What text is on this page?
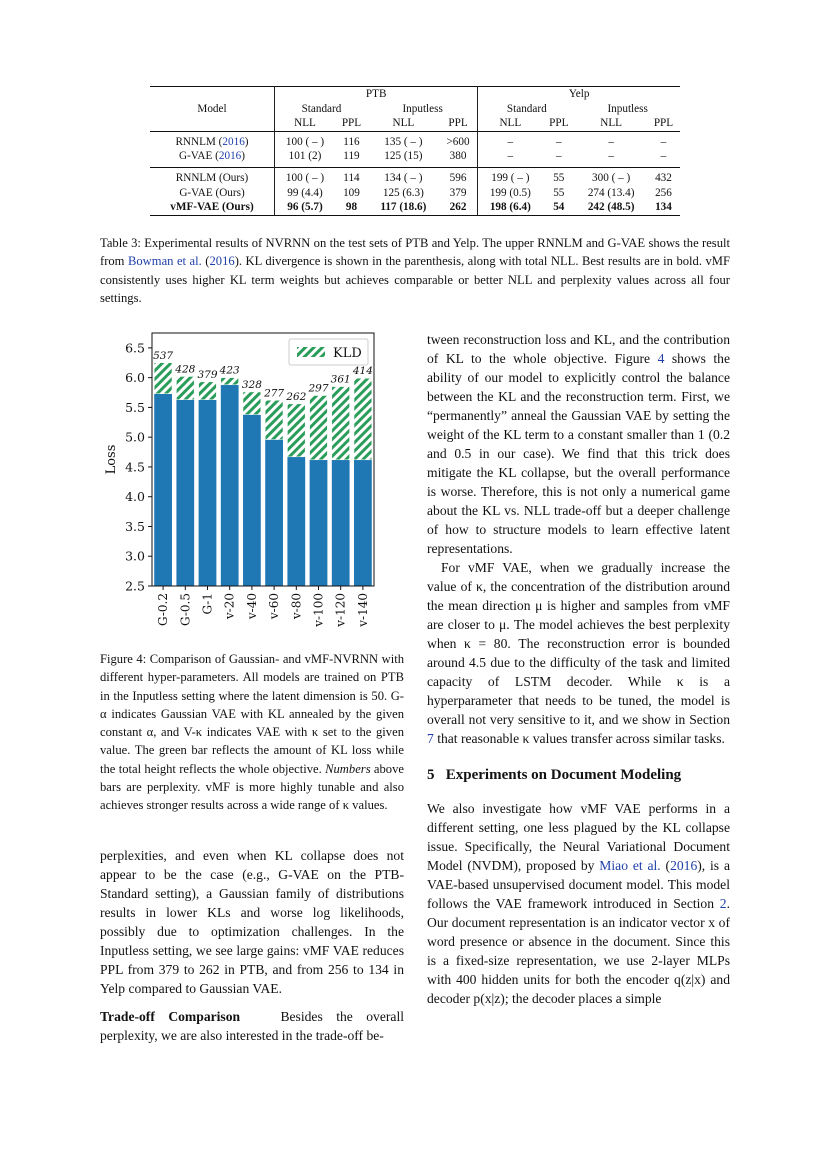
Model	PTB				Yelp			
	Standard		Inputless		Standard		Inputless	
	NLL	PPL	NLL	PPL	NLL	PPL	NLL	PPL

RNNLM (2016)	100 ( – )	116	135 ( – )	>600	–	–	–	–
G-VAE (2016)	101 (2)	119	125 (15)	380	–	–	–	–

RNNLM (Ours)	100 ( – )	114	134 ( – )	596	199 ( – )	55	300 ( – )	432
G-VAE (Ours)	99 (4.4)	109	125 (6.3)	379	199 (0.5)	55	274 (13.4)	256
vMF-VAE (Ours)	96 (5.7)	98	117 (18.6)	262	198 (6.4)	54	242 (48.5)	134
Table 3: Experimental results of NVRNN on the test sets of PTB and Yelp. The upper RNNLM and G-VAE shows the result from Bowman et al. (2016). KL divergence is shown in the parenthesis, along with total NLL. Best results are in bold. vMF consistently uses higher KL term weights but achieves comparable or better NLL and perplexity values across all four settings.
537
428 379 423
328
277 262
297
361
414
G-0.2 G-0.5 G-1 v-20 v-40 v-60 v-80 v-100 v-120 v-140
2.5
3.0
3.5
4.0
4.5
5.0
5.5
6.0
6.5
Loss
KLD
Figure 4: Comparison of Gaussian- and vMF-NVRNN with different hyper-parameters. All models are trained on PTB in the Inputless setting where the latent dimension is 50. G-α indicates Gaussian VAE with KL annealed by the given constant α, and V-κ indicates VAE with κ set to the given value. The green bar reflects the amount of KL loss while the total height reflects the whole objective. Numbers above bars are perplexity. vMF is more highly tunable and also achieves stronger results across a wide range of κ values.

perplexities, and even when KL collapse does not appear to be the case (e.g., G-VAE on the PTB-Standard setting), a Gaussian family of distributions results in lower KLs and worse log likelihoods, possibly due to optimization challenges. In the Inputless setting, we see large gains: vMF VAE reduces PPL from 379 to 262 in PTB, and from 256 to 134 in Yelp compared to Gaussian VAE.

Trade-off Comparison	Besides the overall perplexity, we are also interested in the trade-off be-

tween reconstruction loss and KL, and the contribution of KL to the whole objective. Figure 4 shows the ability of our model to explicitly control the balance between the KL and the reconstruction term. First, we “permanently” anneal the Gaussian VAE by setting the weight of the KL term to a constant smaller than 1 (0.2 and 0.5 in our case). We find that this trick does mitigate the KL collapse, but the overall performance is worse. Therefore, this is not only a numerical game about the KL vs. NLL trade-off but a deeper challenge of how to structure models to learn effective latent representations.

For vMF VAE, when we gradually increase the value of κ, the concentration of the distribution around the mean direction μ is higher and samples from vMF are closer to μ. The model achieves the best perplexity when κ = 80. The reconstruction error is bounded around 4.5 due to the difficulty of the task and limited capacity of LSTM decoder. While κ is a hyperparameter that needs to be tuned, the model is overall not very sensitive to it, and we show in Section 7 that reasonable κ values transfer across similar tasks.

5 Experiments on Document Modeling

We also investigate how vMF VAE performs in a different setting, one less plagued by the KL collapse issue. Specifically, the Neural Variational Document Model (NVDM), proposed by Miao et al. (2016), is a VAE-based unsupervised document model. This model follows the VAE framework introduced in Section 2. Our document representation is an indicator vector x of word presence or absence in the document. Since this is a fixed-size representation, we use 2-layer MLPs with 400 hidden units for both the encoder q(z|x) and decoder p(x|z); the decoder places a simple
